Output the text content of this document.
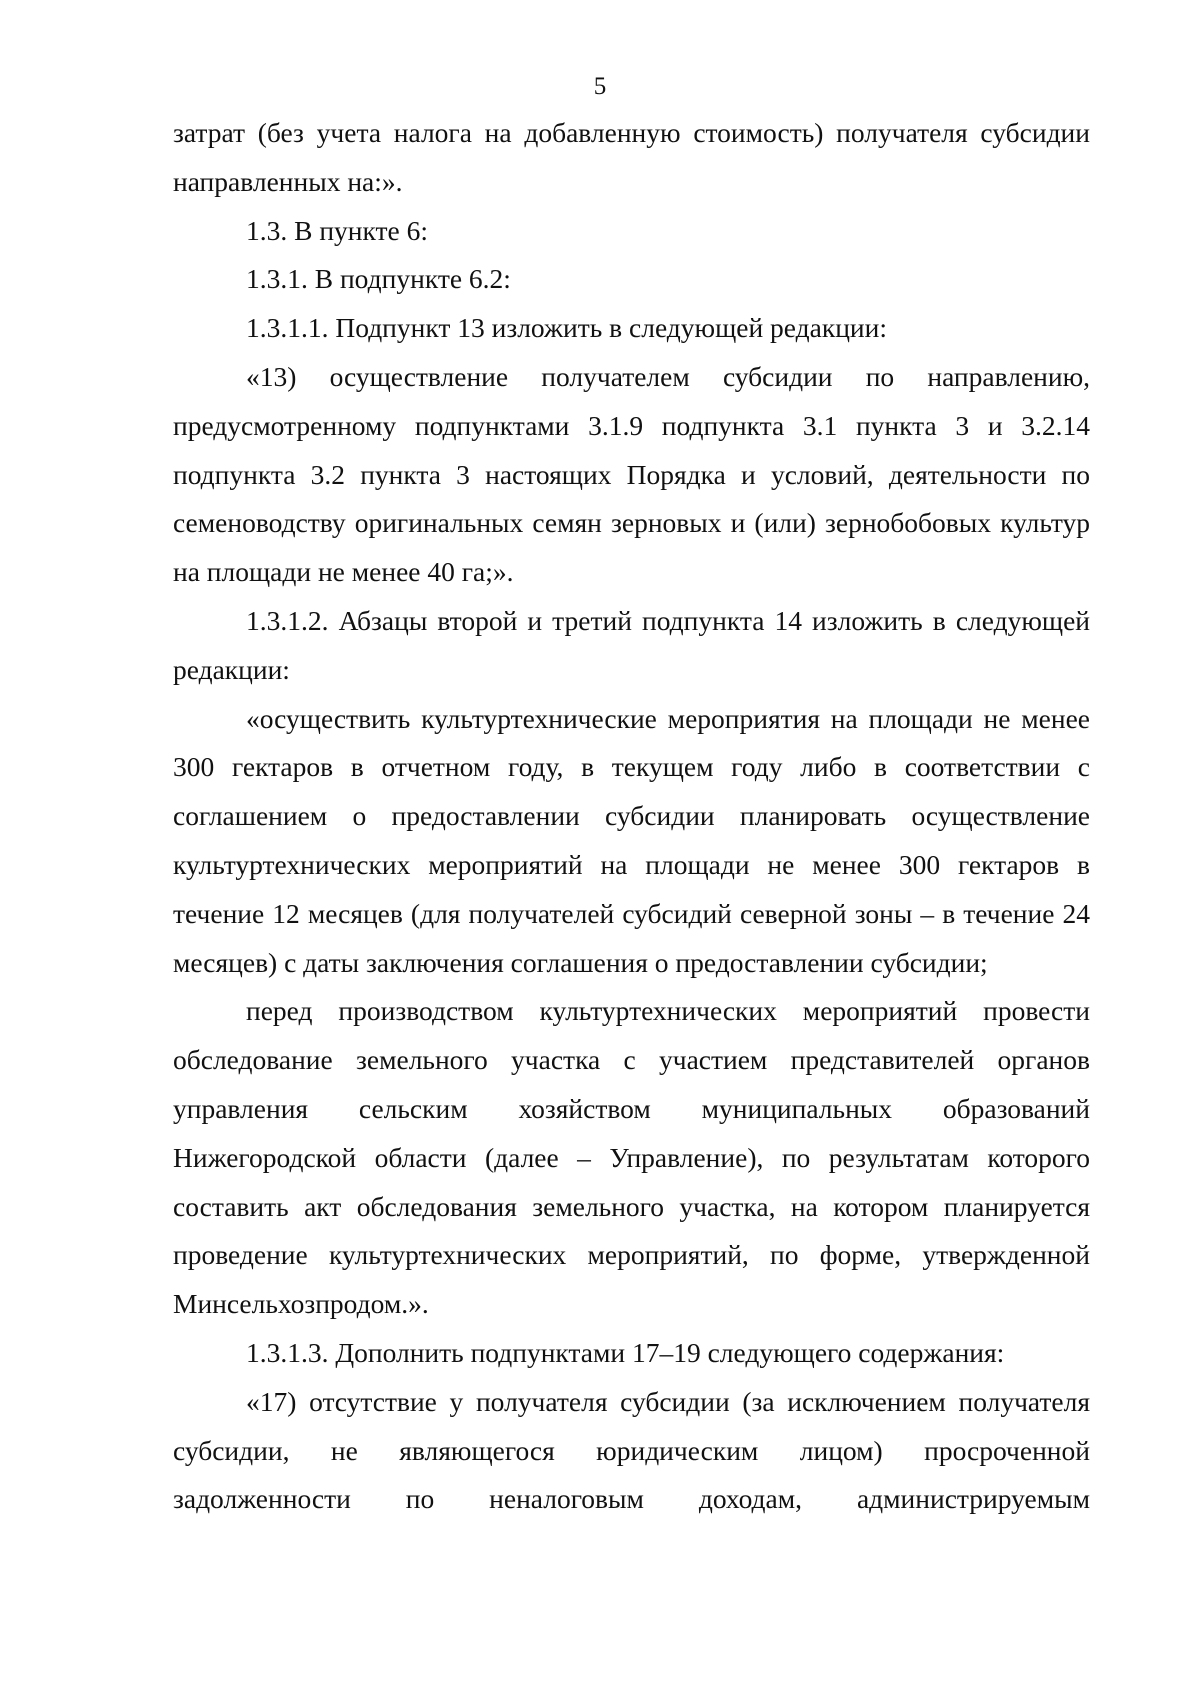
5

затрат (без учета налога на добавленную стоимость) получателя субсидии направленных на:».

1.3. В пункте 6:

1.3.1. В подпункте 6.2:

1.3.1.1. Подпункт 13 изложить в следующей редакции:

«13) осуществление получателем субсидии по направлению, предусмотренному подпунктами 3.1.9 подпункта 3.1 пункта 3 и 3.2.14 подпункта 3.2 пункта 3 настоящих Порядка и условий, деятельности по семеноводству оригинальных семян зерновых и (или) зернобобовых культур на площади не менее 40 га;».

1.3.1.2. Абзацы второй и третий подпункта 14 изложить в следующей редакции:

«осуществить культуртехнические мероприятия на площади не менее 300 гектаров в отчетном году, в текущем году либо в соответствии с соглашением о предоставлении субсидии планировать осуществление культуртехнических мероприятий на площади не менее 300 гектаров в течение 12 месяцев (для получателей субсидий северной зоны – в течение 24 месяцев) с даты заключения соглашения о предоставлении субсидии;

перед производством культуртехнических мероприятий провести обследование земельного участка с участием представителей органов управления сельским хозяйством муниципальных образований Нижегородской области (далее – Управление), по результатам которого составить акт обследования земельного участка, на котором планируется проведение культуртехнических мероприятий, по форме, утвержденной Минсельхозпродом.».

1.3.1.3. Дополнить подпунктами 17–19 следующего содержания:

«17) отсутствие у получателя субсидии (за исключением получателя субсидии, не являющегося юридическим лицом) просроченной задолженности по неналоговым доходам, администрируемым
